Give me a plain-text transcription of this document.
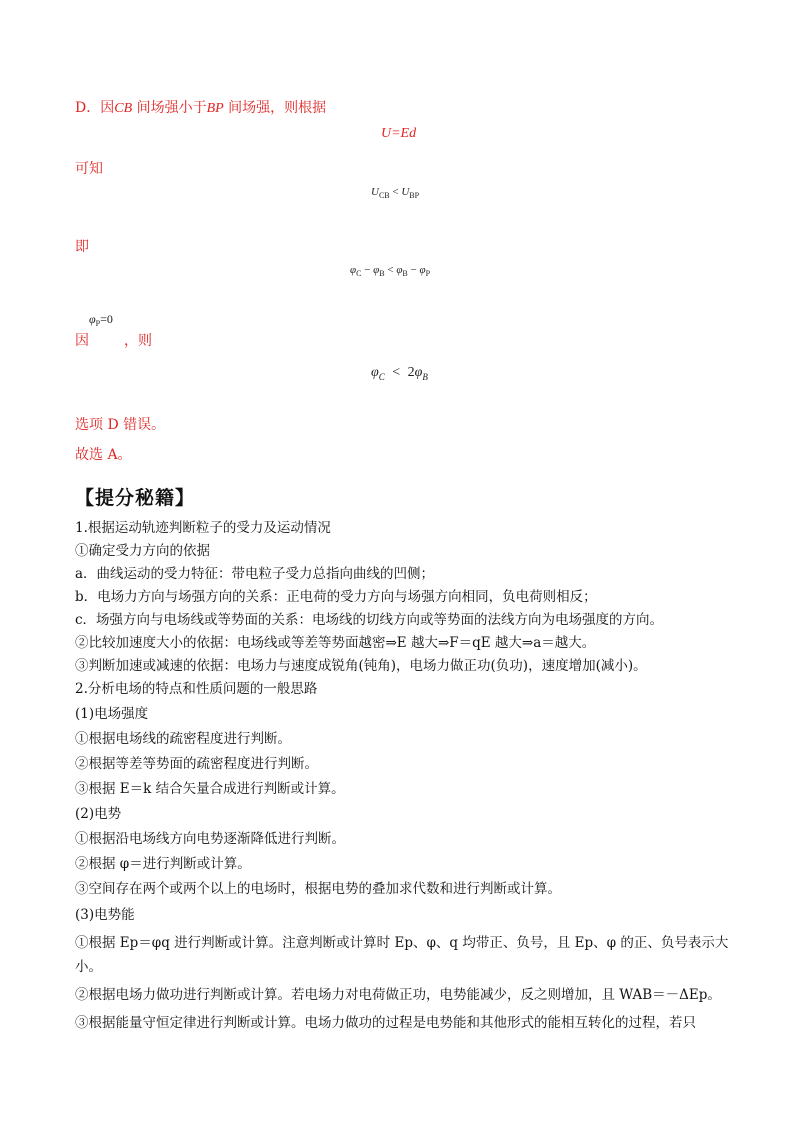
D．因CB 间场强小于BP 间场强，则根据
U=Ed
可知
$U_{CB} < U_{BP}$
即
$\varphi_C - \varphi_B < \varphi_B - \varphi_P$
因
$\varphi_P=0$
，则
$\varphi_C < 2\varphi_B$
选项 D 错误。
故选 A。
【提分秘籍】
1.根据运动轨迹判断粒子的受力及运动情况
①确定受力方向的依据
a．曲线运动的受力特征：带电粒子受力总指向曲线的凹侧；
b．电场力方向与场强方向的关系：正电荷的受力方向与场强方向相同，负电荷则相反；
c．场强方向与电场线或等势面的关系：电场线的切线方向或等势面的法线方向为电场强度的方向。
②比较加速度大小的依据：电场线或等差等势面越密⇒E 越大⇒F＝qE 越大⇒a＝越大。
③判断加速或减速的依据：电场力与速度成锐角(钝角)，电场力做正功(负功)，速度增加(减小)。
2.分析电场的特点和性质问题的一般思路
(1)电场强度
①根据电场线的疏密程度进行判断。
②根据等差等势面的疏密程度进行判断。
③根据 E＝k 结合矢量合成进行判断或计算。
(2)电势
①根据沿电场线方向电势逐渐降低进行判断。
②根据 φ＝进行判断或计算。
③空间存在两个或两个以上的电场时，根据电势的叠加求代数和进行判断或计算。
(3)电势能
①根据 Ep＝φq 进行判断或计算。注意判断或计算时 Ep、φ、q 均带正、负号，且 Ep、φ 的正、负号表示大
小。
②根据电场力做功进行判断或计算。若电场力对电荷做正功，电势能减少，反之则增加，且 WAB＝－ΔEp。
③根据能量守恒定律进行判断或计算。电场力做功的过程是电势能和其他形式的能相互转化的过程，若只
